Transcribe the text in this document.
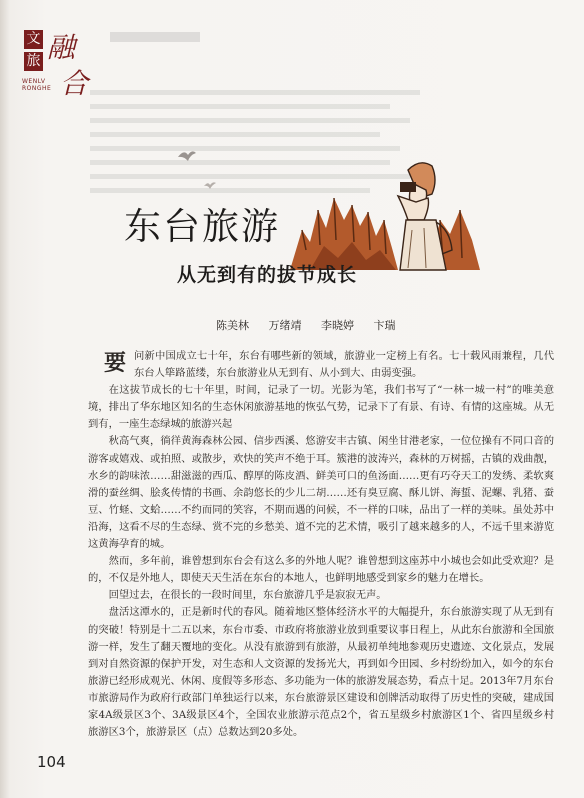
文
旅 融
合
WENLV
RONGHE
东台旅游
从无到有的拔节成长
陈美林 万绪靖 李晓婷 卞瑞
要 问新中国成立七十年，东台有哪些新的领域，旅游业一定榜上有名。七十载风雨兼程，几代东台人筚路蓝缕，东台旅游业从无到有、从小到大、由弱变强。

在这拔节成长的七十年里，时间，记录了一切。光影为笔，我们书写了“一林一城一村”的唯美意境，排出了华东地区知名的生态休闲旅游基地的恢弘气势，记录下了有景、有诗、有情的这座城。从无到有，一座生态绿城的旅游兴起

秋高气爽，徜徉黄海森林公园、信步西溪、悠游安丰古镇、闲坐甘港老家，一位位操有不同口音的游客或嬉戏、或拍照、或散步，欢快的笑声不绝于耳。簇港的波涛兴，森林的万树摇，古镇的戏曲靓，水乡的韵味浓……甜滋滋的西瓜、醇厚的陈皮酒、鲜美可口的鱼汤面……更有巧夺天工的发绣、柔软爽滑的蚕丝绸、脍炙传情的书画、余韵悠长的少儿二胡……还有臭豆腐、酥儿饼、海蜇、泥螺、乳猪、蚕豆、竹蛏、文蛤……不约而同的笑容，不期而遇的问候，不一样的口味，品出了一样的美味。虽处苏中沿海，这看不尽的生态绿、赏不完的乡愁美、道不完的艺术情，吸引了越来越多的人，不远千里来游览这黄海孕育的城。

然而，多年前，谁曾想到东台会有这么多的外地人呢？谁曾想到这座苏中小城也会如此受欢迎？是的，不仅是外地人，即使天天生活在东台的本地人，也鲜明地感受到家乡的魅力在增长。

回望过去，在很长的一段时间里，东台旅游几乎是寂寂无声。

盘活这潭水的，正是新时代的春风。随着地区整体经济水平的大幅提升，东台旅游实现了从无到有的突破！特别是十二五以来，东台市委、市政府将旅游业放到重要议事日程上，从此东台旅游和全国旅游一样，发生了翻天覆地的变化。从没有旅游到有旅游，从最初单纯地参观历史遗迹、文化景点，发展到对自然资源的保护开发，对生态和人文资源的发扬光大，再到如今田园、乡村纷纷加入，如今的东台旅游已经形成观光、休闲、度假等多形态、多功能为一体的旅游发展态势，看点十足。2013年7月东台市旅游局作为政府行政部门单独运行以来，东台旅游景区建设和创牌活动取得了历史性的突破，建成国家4A级景区3个、3A级景区4个，全国农业旅游示范点2个，省五星级乡村旅游区1个、省四星级乡村旅游区3个，旅游景区（点）总数达到20多处。

104
